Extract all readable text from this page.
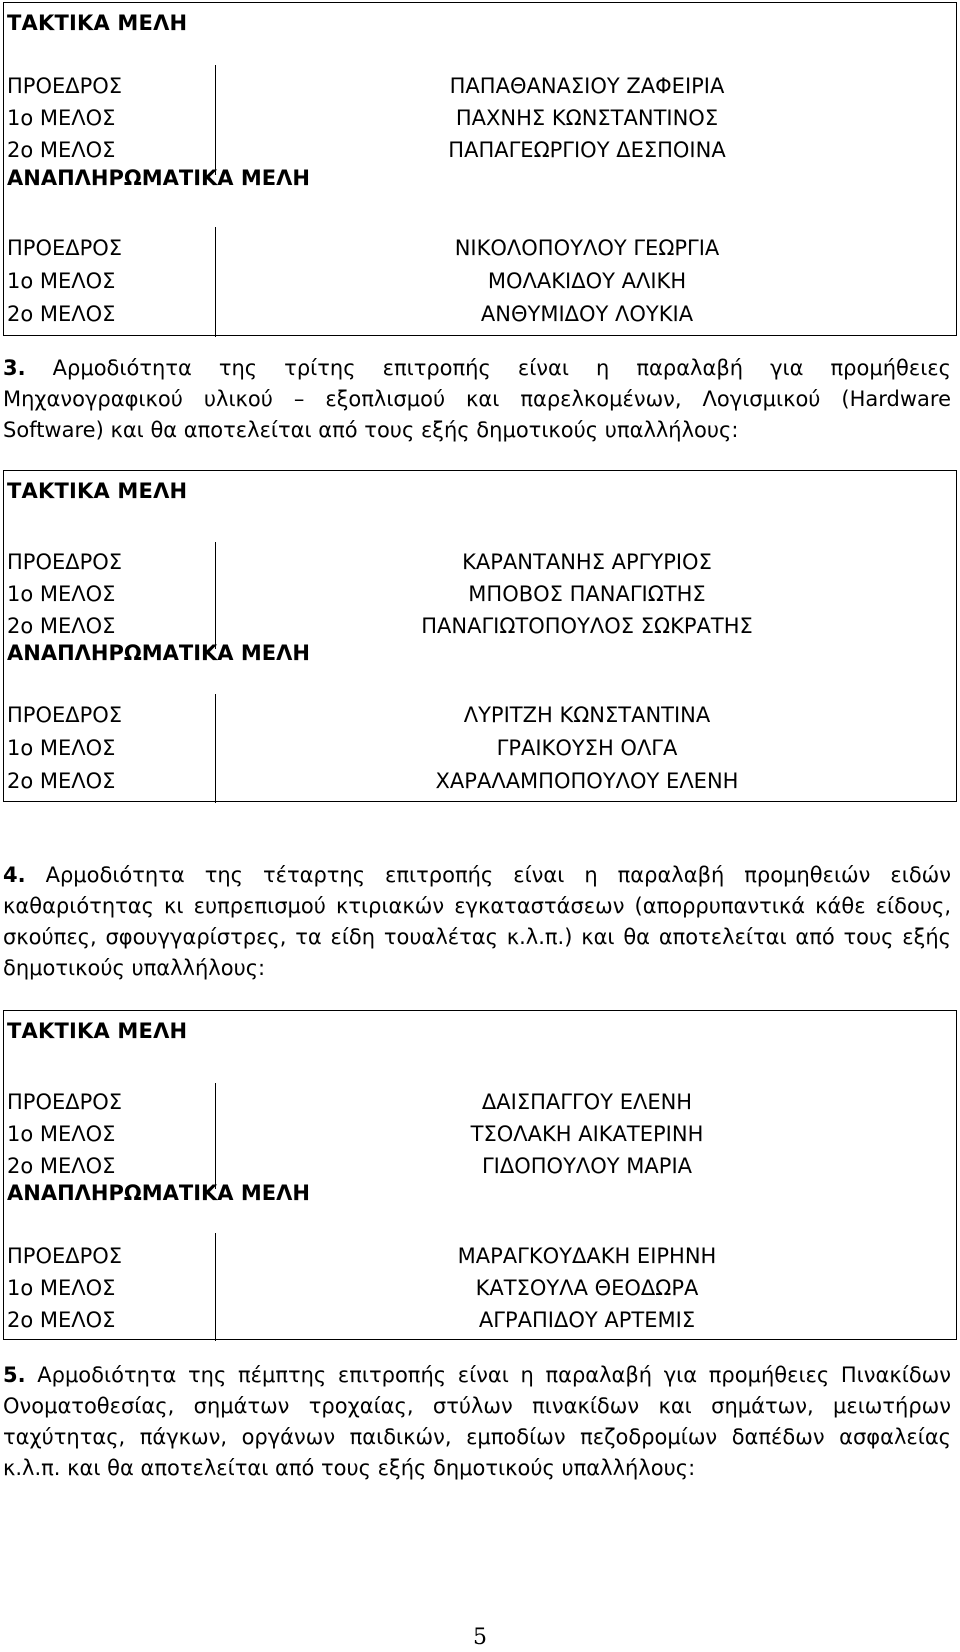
ΤΑΚΤΙΚΑ ΜΕΛΗ
ΠΡΟΕΔΡΟΣ	ΠΑΠΑΘΑΝΑΣΙΟΥ ΖΑΦΕΙΡΙΑ
1ο ΜΕΛΟΣ	ΠΑΧΝΗΣ ΚΩΝΣΤΑΝΤΙΝΟΣ
2ο ΜΕΛΟΣ	ΠΑΠΑΓΕΩΡΓΙΟΥ ΔΕΣΠΟΙΝΑ
ΑΝΑΠΛΗΡΩΜΑΤΙΚΑ ΜΕΛΗ
ΠΡΟΕΔΡΟΣ	ΝΙΚΟΛΟΠΟΥΛΟΥ ΓΕΩΡΓΙΑ
1ο ΜΕΛΟΣ	ΜΟΛΑΚΙΔΟΥ ΑΛΙΚΗ
2ο ΜΕΛΟΣ	ΑΝΘΥΜΙΔΟΥ ΛΟΥΚΙΑ
3. Αρμοδιότητα της τρίτης επιτροπής είναι η παραλαβή για προμήθειες Μηχανογραφικού υλικού – εξοπλισμού και παρελκομένων, Λογισμικού (Hardware Software) και θα αποτελείται από τους εξής δημοτικούς υπαλλήλους:
ΤΑΚΤΙΚΑ ΜΕΛΗ
ΠΡΟΕΔΡΟΣ	ΚΑΡΑΝΤΑΝΗΣ ΑΡΓΥΡΙΟΣ
1ο ΜΕΛΟΣ	ΜΠΟΒΟΣ ΠΑΝΑΓΙΩΤΗΣ
2ο ΜΕΛΟΣ	ΠΑΝΑΓΙΩΤΟΠΟΥΛΟΣ ΣΩΚΡΑΤΗΣ
ΑΝΑΠΛΗΡΩΜΑΤΙΚΑ ΜΕΛΗ
ΠΡΟΕΔΡΟΣ	ΛΥΡΙΤΖΗ ΚΩΝΣΤΑΝΤΙΝΑ
1ο ΜΕΛΟΣ	ΓΡΑΙΚΟΥΣΗ ΟΛΓΑ
2ο ΜΕΛΟΣ	ΧΑΡΑΛΑΜΠΟΠΟΥΛΟΥ ΕΛΕΝΗ
4. Αρμοδιότητα της τέταρτης επιτροπής είναι η παραλαβή προμηθειών ειδών καθαριότητας κι ευπρεπισμού κτιριακών εγκαταστάσεων (απορρυπαντικά κάθε είδους, σκούπες, σφουγγαρίστρες, τα είδη τουαλέτας κ.λ.π.) και θα αποτελείται από τους εξής δημοτικούς υπαλλήλους:
ΤΑΚΤΙΚΑ ΜΕΛΗ
ΠΡΟΕΔΡΟΣ	ΔΑΙΣΠΑΓΓΟΥ ΕΛΕΝΗ
1ο ΜΕΛΟΣ	ΤΣΟΛΑΚΗ ΑΙΚΑΤΕΡΙΝΗ
2ο ΜΕΛΟΣ	ΓΙΔΟΠΟΥΛΟΥ ΜΑΡΙΑ
ΑΝΑΠΛΗΡΩΜΑΤΙΚΑ ΜΕΛΗ
ΠΡΟΕΔΡΟΣ	ΜΑΡΑΓΚΟΥΔΑΚΗ ΕΙΡΗΝΗ
1ο ΜΕΛΟΣ	ΚΑΤΣΟΥΛΑ ΘΕΟΔΩΡΑ
2ο ΜΕΛΟΣ	ΑΓΡΑΠΙΔΟΥ ΑΡΤΕΜΙΣ
5. Αρμοδιότητα της πέμπτης επιτροπής είναι η παραλαβή για προμήθειες Πινακίδων Ονοματοθεσίας, σημάτων τροχαίας, στύλων πινακίδων και σημάτων, μειωτήρων ταχύτητας, πάγκων, οργάνων παιδικών, εμποδίων πεζοδρομίων δαπέδων ασφαλείας κ.λ.π. και θα αποτελείται από τους εξής δημοτικούς υπαλλήλους:
5
